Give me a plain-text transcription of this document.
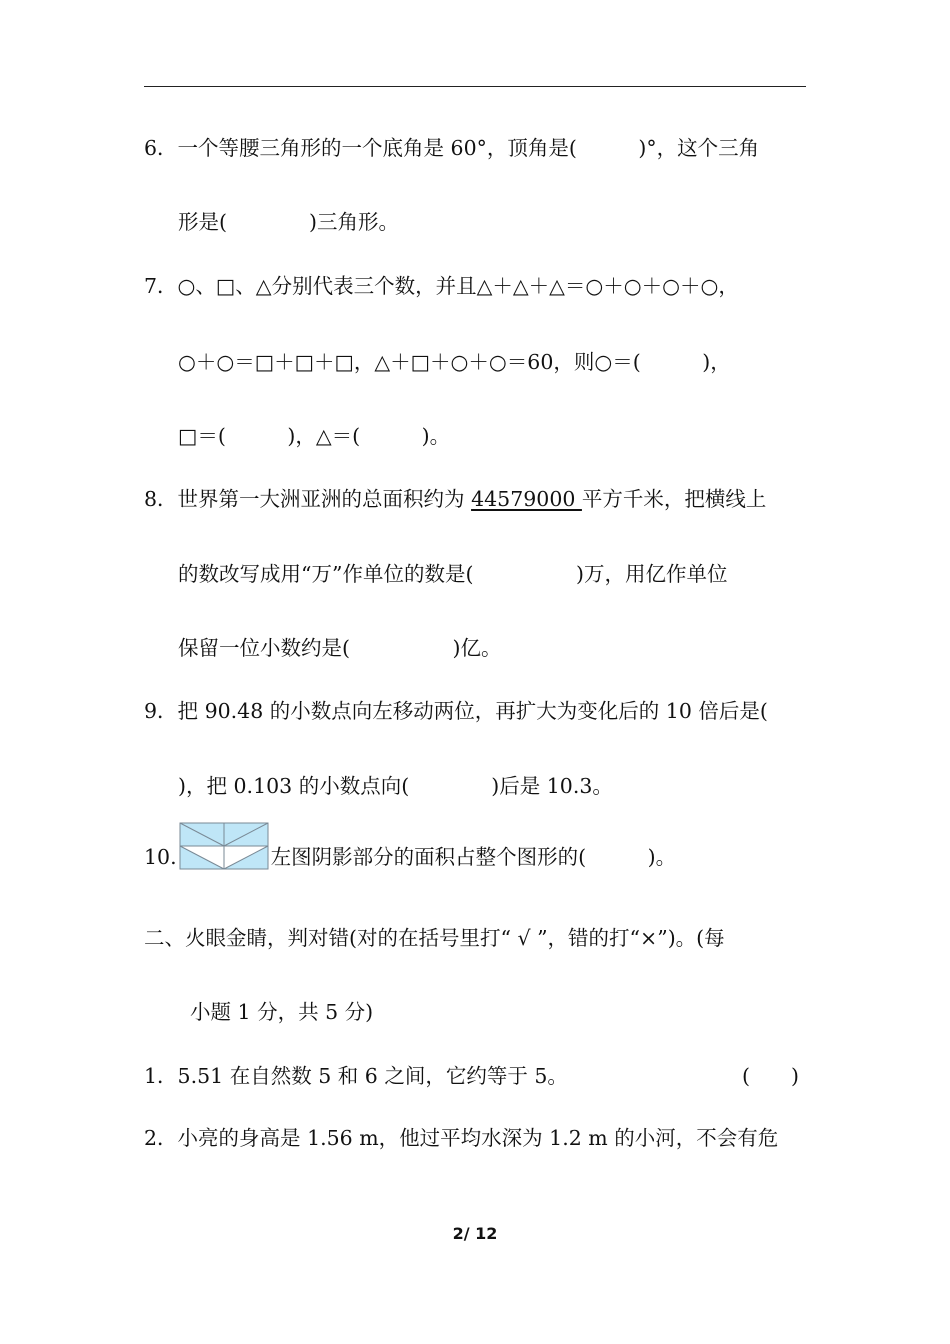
6．一个等腰三角形的一个底角是 60°，顶角是(　　　)°，这个三角
形是(　　　　)三角形。
7．○、□、△分别代表三个数，并且△＋△＋△＝○＋○＋○＋○，
○＋○＝□＋□＋□，△＋□＋○＋○＝60，则○＝(　　　)，
□＝(　　　)，△＝(　　　)。
8．世界第一大洲亚洲的总面积约为 44579000 平方千米，把横线上
的数改写成用“万”作单位的数是(　　　　　)万，用亿作单位
保留一位小数约是(　　　　　)亿。
9．把 90.48 的小数点向左移动两位，再扩大为变化后的 10 倍后是(
)，把 0.103 的小数点向(　　　　)后是 10.3。
10.	左图阴影部分的面积占整个图形的(　　　)。
二、火眼金睛，判对错(对的在括号里打“ √ ”，错的打“×”)。(每
小题 1 分，共 5 分)
1．5.51 在自然数 5 和 6 之间，它约等于 5。	(　　)
2．小亮的身高是 1.56 m，他过平均水深为 1.2 m 的小河，不会有危
2/ 12
